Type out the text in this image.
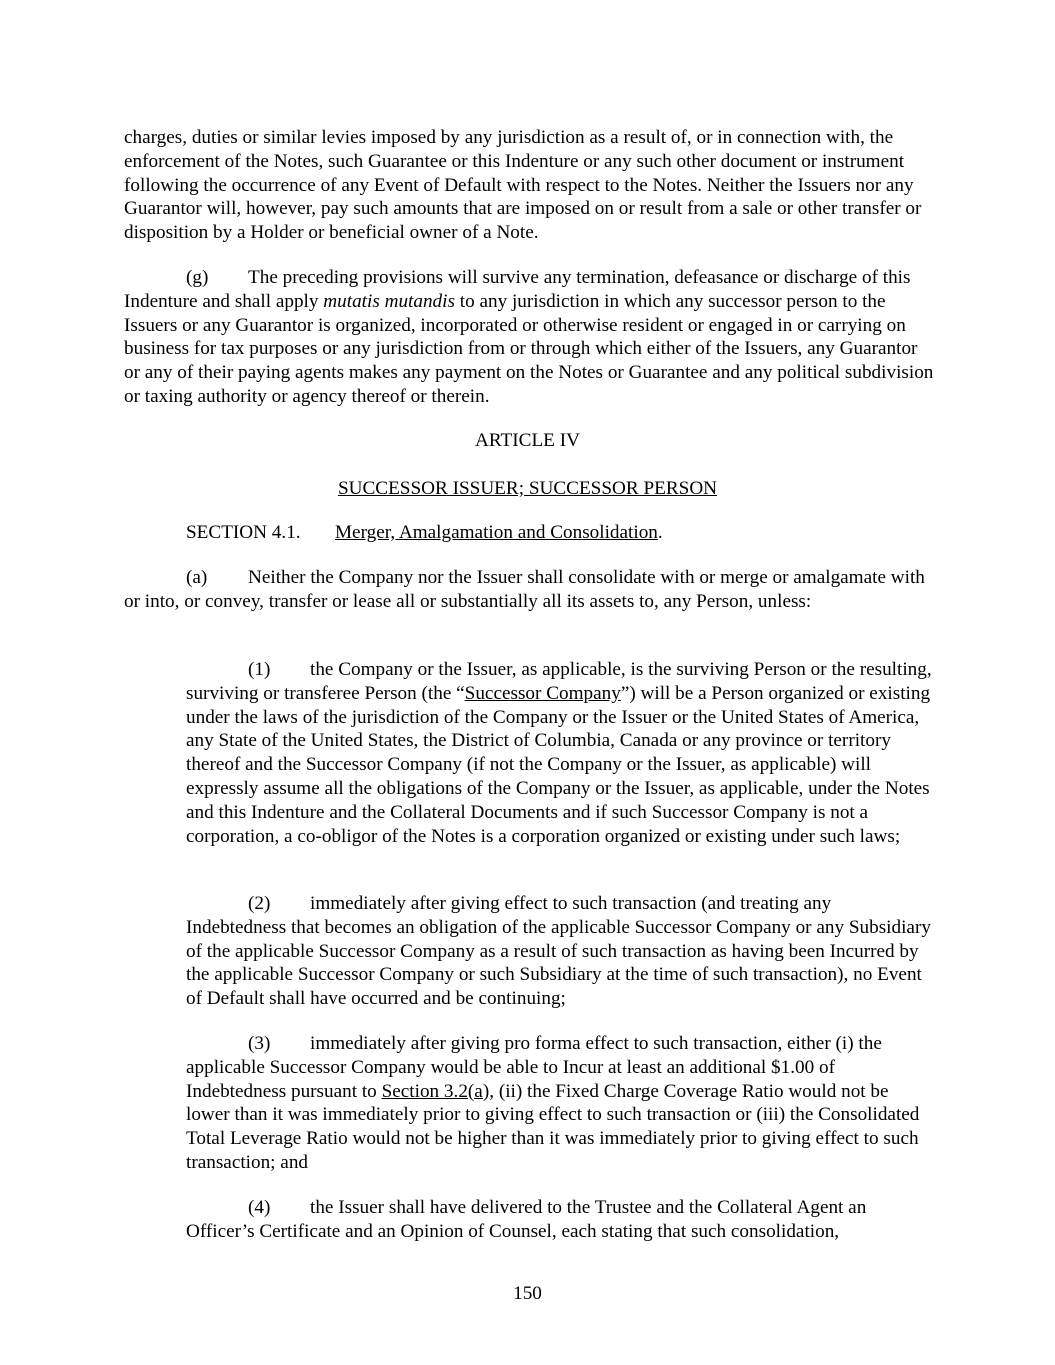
charges, duties or similar levies imposed by any jurisdiction as a result of, or in connection with, the enforcement of the Notes, such Guarantee or this Indenture or any such other document or instrument following the occurrence of any Event of Default with respect to the Notes. Neither the Issuers nor any Guarantor will, however, pay such amounts that are imposed on or result from a sale or other transfer or disposition by a Holder or beneficial owner of a Note.

(g) The preceding provisions will survive any termination, defeasance or discharge of this Indenture and shall apply mutatis mutandis to any jurisdiction in which any successor person to the Issuers or any Guarantor is organized, incorporated or otherwise resident or engaged in or carrying on business for tax purposes or any jurisdiction from or through which either of the Issuers, any Guarantor or any of their paying agents makes any payment on the Notes or Guarantee and any political subdivision or taxing authority or agency thereof or therein.

ARTICLE IV

SUCCESSOR ISSUER; SUCCESSOR PERSON

SECTION 4.1. Merger, Amalgamation and Consolidation.

(a) Neither the Company nor the Issuer shall consolidate with or merge or amalgamate with or into, or convey, transfer or lease all or substantially all its assets to, any Person, unless:

(1) the Company or the Issuer, as applicable, is the surviving Person or the resulting, surviving or transferee Person (the “Successor Company”) will be a Person organized or existing under the laws of the jurisdiction of the Company or the Issuer or the United States of America, any State of the United States, the District of Columbia, Canada or any province or territory thereof and the Successor Company (if not the Company or the Issuer, as applicable) will expressly assume all the obligations of the Company or the Issuer, as applicable, under the Notes and this Indenture and the Collateral Documents and if such Successor Company is not a corporation, a co-obligor of the Notes is a corporation organized or existing under such laws;

(2) immediately after giving effect to such transaction (and treating any Indebtedness that becomes an obligation of the applicable Successor Company or any Subsidiary of the applicable Successor Company as a result of such transaction as having been Incurred by the applicable Successor Company or such Subsidiary at the time of such transaction), no Event of Default shall have occurred and be continuing;

(3) immediately after giving pro forma effect to such transaction, either (i) the applicable Successor Company would be able to Incur at least an additional $1.00 of Indebtedness pursuant to Section 3.2(a), (ii) the Fixed Charge Coverage Ratio would not be lower than it was immediately prior to giving effect to such transaction or (iii) the Consolidated Total Leverage Ratio would not be higher than it was immediately prior to giving effect to such transaction; and

(4) the Issuer shall have delivered to the Trustee and the Collateral Agent an Officer’s Certificate and an Opinion of Counsel, each stating that such consolidation,

150
